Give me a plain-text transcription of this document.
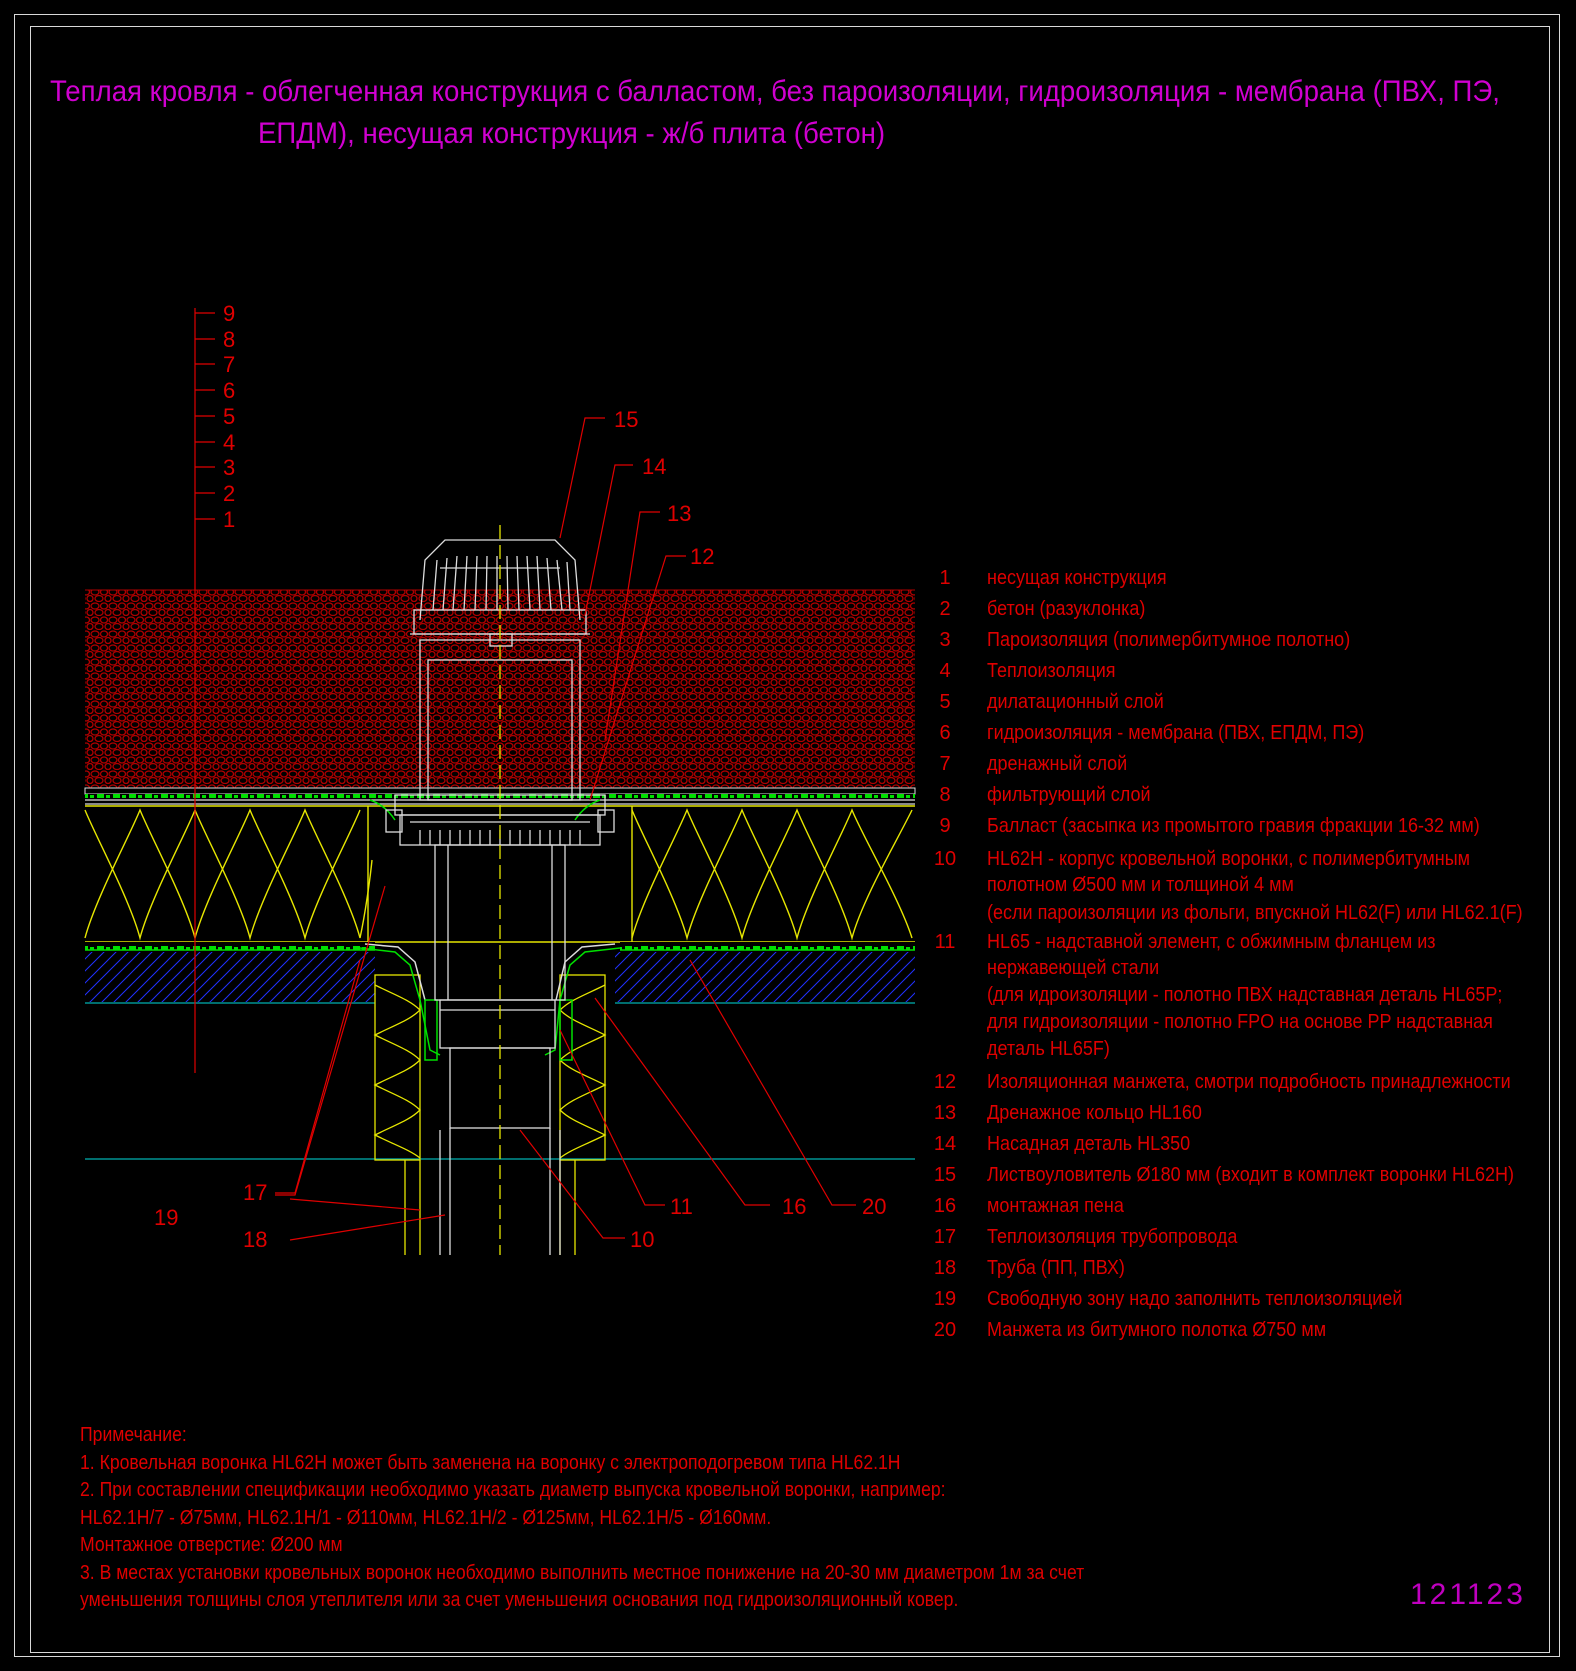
Теплая кровля - облегченная конструкция с балластом, без пароизоляции, гидроизоляция - мембрана (ПВХ, ПЭ,
ЕПДМ), несущая конструкция - ж/б плита (бетон)
9
8
7
6
5
4
3
2
1
15
14
13
12
11	16	20
10
17
18
19
1	несущая конструкция
2	бетон (разуклонка)
3	Пароизоляция (полимербитумное полотно)
4	Теплоизоляция
5	дилатационный слой
6	гидроизоляция - мембрана (ПВХ, ЕПДМ, ПЭ)
7	дренажный слой
8	фильтрующий слой
9	Балласт (засыпка из промытого гравия фракции 16-32 мм)
10 HL62H - корпус кровельной воронки, с полимербитумным
полотном Ø500 мм и толщиной 4 мм
(если пароизоляции из фольги, впускной HL62(F) или HL62.1(F)
11 HL65 - надставной элемент, с обжимным фланцем из
нержавеющей стали
(для идроизоляции - полотно ПВХ надставная деталь HL65P;
для гидроизоляции - полотно FPO на основе PP надставная
деталь HL65F)
12 Изоляционная манжета, смотри подробность принадлежности
13 Дренажное кольцо HL160
14 Насадная деталь HL350
15 Листвоуловитель Ø180 мм (входит в комплект воронки HL62H)
16 монтажная пена
17 Теплоизоляция трубопровода
18 Труба (ПП, ПВХ)
19 Свободную зону надо заполнить теплоизоляцией
20 Манжета из битумного полотка Ø750 мм
Примечание:
1. Кровельная воронка HL62H может быть заменена на воронку с электроподогревом типа HL62.1H
2. При составлении спецификации необходимо указать диаметр выпуска кровельной воронки, например:
HL62.1H/7 - Ø75мм, HL62.1H/1 - Ø110мм, HL62.1H/2 - Ø125мм, HL62.1H/5 - Ø160мм.
Монтажное отверстие: Ø200 мм
3. В местах установки кровельных воронок необходимо выполнить местное понижение на 20-30 мм диаметром 1м за счет
уменьшения толщины слоя утеплителя или за счет уменьшения основания под гидроизоляционный ковер.	121123
